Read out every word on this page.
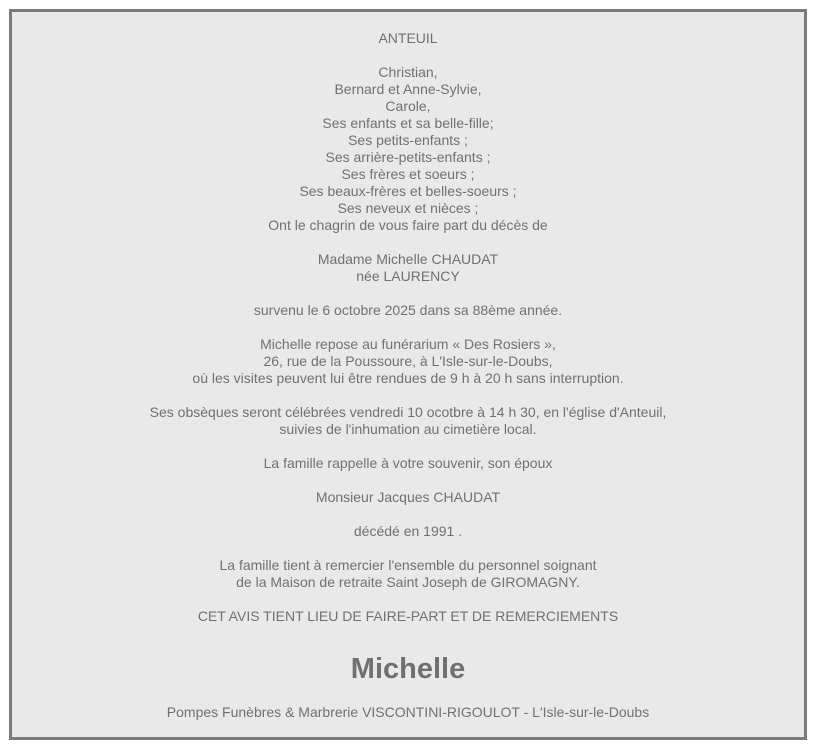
ANTEUIL
Christian,
Bernard et Anne-Sylvie,
Carole,
Ses enfants et sa belle-fille;
Ses petits-enfants ;
Ses arrière-petits-enfants ;
Ses frères et soeurs ;
Ses beaux-frères et belles-soeurs ;
Ses neveux et nièces ;
Ont le chagrin de vous faire part du décès de
Madame Michelle CHAUDAT
née LAURENCY
survenu le 6 octobre 2025 dans sa 88ème année.
Michelle repose au funérarium « Des Rosiers »,
26, rue de la Poussoure, à L'Isle-sur-le-Doubs,
où les visites peuvent lui être rendues de 9 h à 20 h sans interruption.
Ses obsèques seront célébrées vendredi 10 ocotbre à 14 h 30, en l'église d'Anteuil,
suivies de l'inhumation au cimetière local.
La famille rappelle à votre souvenir, son époux
Monsieur Jacques CHAUDAT
décédé en 1991 .
La famille tient à remercier l'ensemble du personnel soignant
de la Maison de retraite Saint Joseph de GIROMAGNY.
CET AVIS TIENT LIEU DE FAIRE-PART ET DE REMERCIEMENTS
Michelle
Pompes Funèbres & Marbrerie VISCONTINI-RIGOULOT - L'Isle-sur-le-Doubs
